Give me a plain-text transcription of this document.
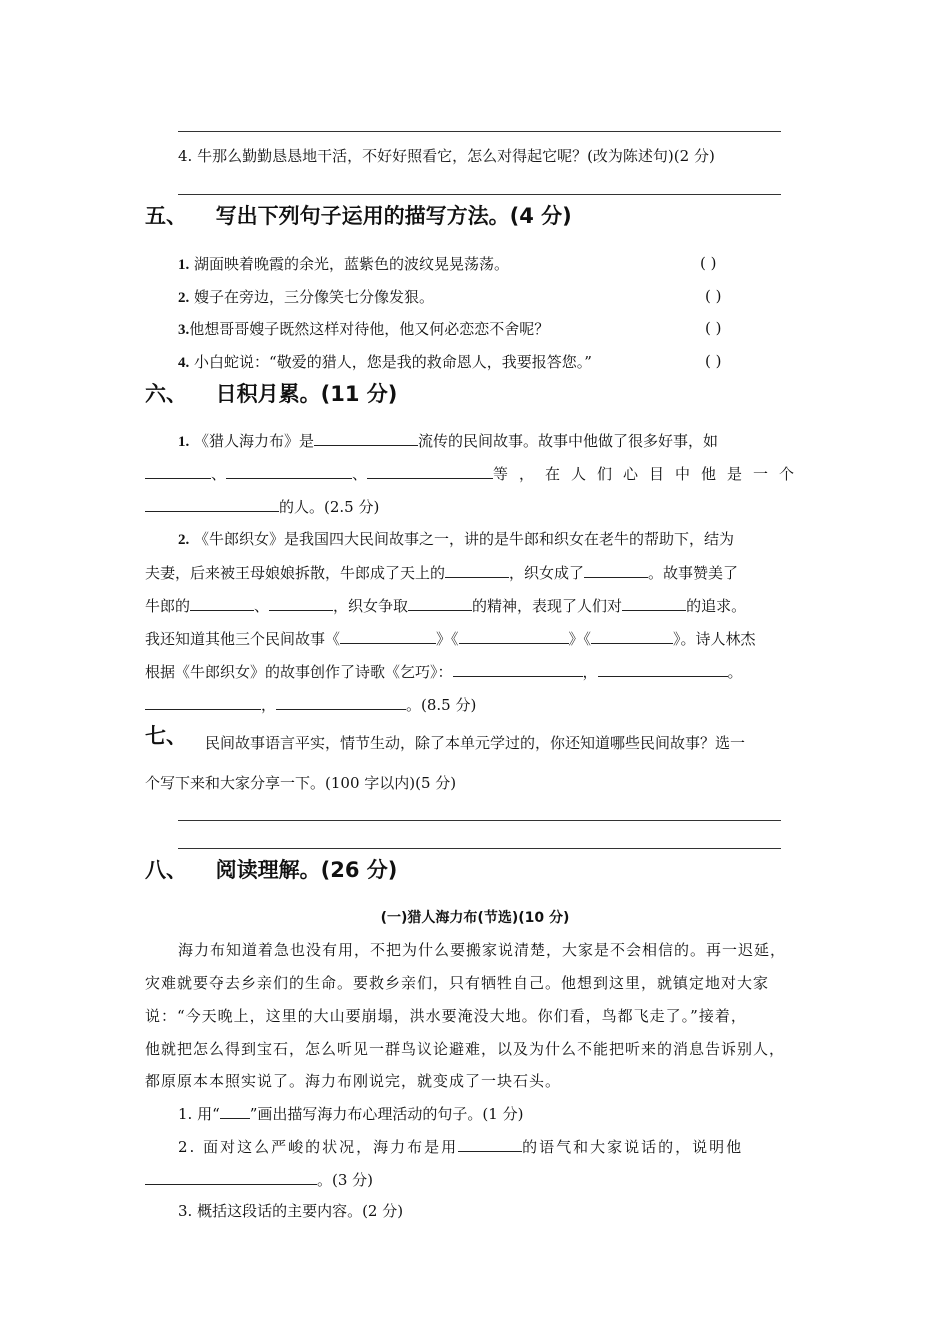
4. 牛那么勤勤恳恳地干活，不好好照看它，怎么对得起它呢？(改为陈述句)(2 分)
五、 写出下列句子运用的描写方法。(4 分)
1. 湖面映着晚霞的余光，蓝紫色的波纹晃晃荡荡。	( )
2. 嫂子在旁边，三分像笑七分像发狠。	( )
3.他想哥哥嫂子既然这样对待他，他又何必恋恋不舍呢？	( )
4. 小白蛇说：“敬爱的猎人，您是我的救命恩人，我要报答您。”	( )
六、 日积月累。(11 分)
1. 《猎人海力布》是	流传的民间故事。故事中他做了很多好事，如
、	、	等，在人们心目中他是一个
的人。(2.5 分)
2. 《牛郎织女》是我国四大民间故事之一，讲的是牛郎和织女在老牛的帮助下，结为
夫妻，后来被王母娘娘拆散，牛郎成了天上的	，织女成了	。故事赞美了
牛郎的	、	，织女争取	的精神，表现了人们对	的追求。
我还知道其他三个民间故事《	》《	》《	》。诗人林杰
根据《牛郎织女》的故事创作了诗歌《乞巧》：	，	。
，	。(8.5 分)
七、 民间故事语言平实，情节生动，除了本单元学过的，你还知道哪些民间故事？选一
个写下来和大家分享一下。(100 字以内)(5 分)
八、 阅读理解。(26 分)
(一)猎人海力布(节选)(10 分)
海力布知道着急也没有用，不把为什么要搬家说清楚，大家是不会相信的。再一迟延，
灾难就要夺去乡亲们的生命。要救乡亲们，只有牺牲自己。他想到这里，就镇定地对大家
说：“今天晚上，这里的大山要崩塌，洪水要淹没大地。你们看，鸟都飞走了。”接着，
他就把怎么得到宝石，怎么听见一群鸟议论避难，以及为什么不能把听来的消息告诉别人，
都原原本本照实说了。海力布刚说完，就变成了一块石头。
1. 用“ ”画出描写海力布心理活动的句子。(1 分)
2. 面对这么严峻的状况，海力布是用	的语气和大家说话的，说明他
。(3 分)
3. 概括这段话的主要内容。(2 分)
